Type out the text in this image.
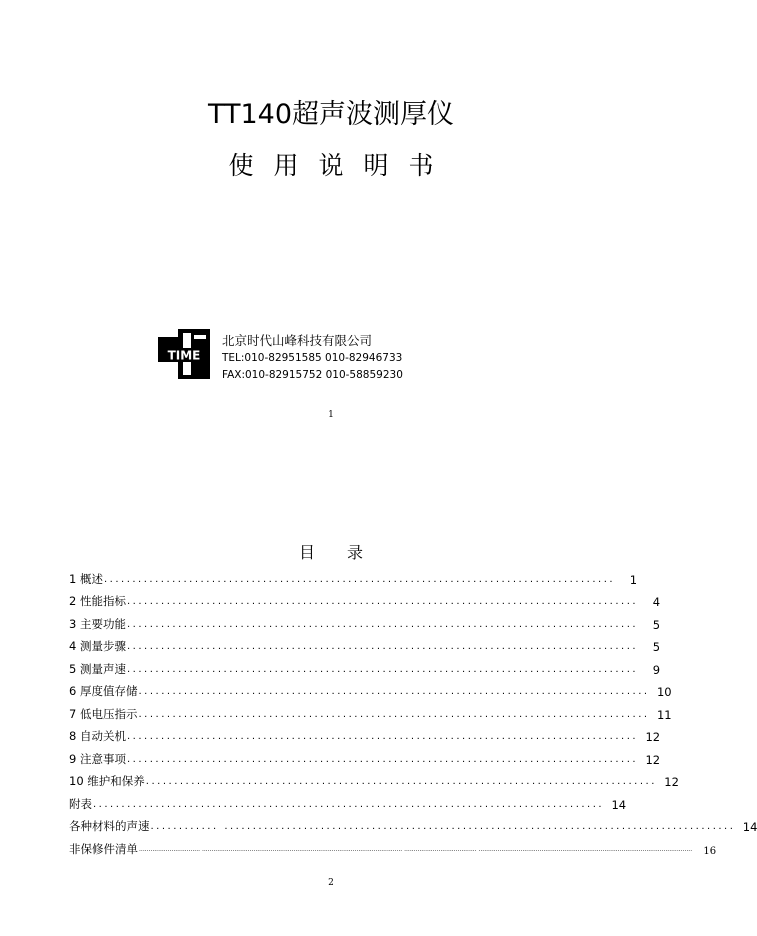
TT140超声波测厚仪
使用说明书
TIME
北京时代山峰科技有限公司
TEL:010-82951585 010-82946733
FAX:010-82915752 010-58859230
1
目录
1 概述 ..........................................................................................	1
2 性能指标 ..........................................................................................	4
3 主要功能 ..........................................................................................	5
4 测量步骤 ..........................................................................................	5
5 测量声速 ..........................................................................................	9
6 厚度值存储 .......................................................................................... 10
7 低电压指示 .......................................................................................... 11
8 自动关机 .......................................................................................... 12
9 注意事项 .......................................................................................... 12
10 维护和保养 .......................................................................................... 12
附表 .......................................................................................... 14
各种材料的声速 ............ .......................................................................................... 14
非保修件清单 ................................ ......................................................................................................... ...................................... ................................................................................................................	16
2
